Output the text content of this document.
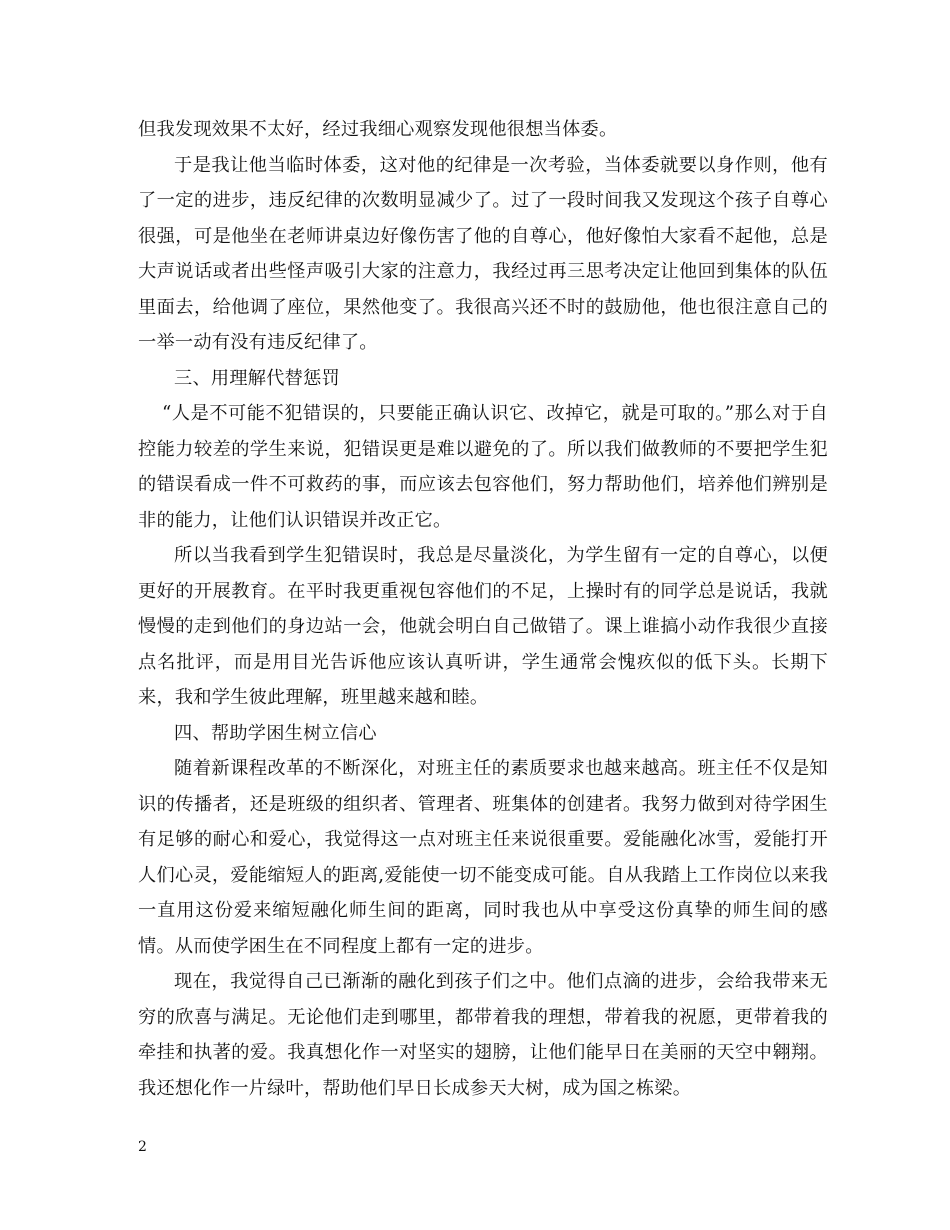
但我发现效果不太好，经过我细心观察发现他很想当体委。

于是我让他当临时体委，这对他的纪律是一次考验，当体委就要以身作则，他有了一定的进步，违反纪律的次数明显减少了。过了一段时间我又发现这个孩子自尊心很强，可是他坐在老师讲桌边好像伤害了他的自尊心，他好像怕大家看不起他，总是大声说话或者出些怪声吸引大家的注意力，我经过再三思考决定让他回到集体的队伍里面去，给他调了座位，果然他变了。我很高兴还不时的鼓励他，他也很注意自己的一举一动有没有违反纪律了。

三、用理解代替惩罚

“人是不可能不犯错误的，只要能正确认识它、改掉它，就是可取的。”那么对于自控能力较差的学生来说，犯错误更是难以避免的了。所以我们做教师的不要把学生犯的错误看成一件不可救药的事，而应该去包容他们，努力帮助他们，培养他们辨别是非的能力，让他们认识错误并改正它。

所以当我看到学生犯错误时，我总是尽量淡化，为学生留有一定的自尊心，以便更好的开展教育。在平时我更重视包容他们的不足，上操时有的同学总是说话，我就慢慢的走到他们的身边站一会，他就会明白自己做错了。课上谁搞小动作我很少直接点名批评，而是用目光告诉他应该认真听讲，学生通常会愧疚似的低下头。长期下来，我和学生彼此理解，班里越来越和睦。

四、帮助学困生树立信心

随着新课程改革的不断深化，对班主任的素质要求也越来越高。班主任不仅是知识的传播者，还是班级的组织者、管理者、班集体的创建者。我努力做到对待学困生有足够的耐心和爱心，我觉得这一点对班主任来说很重要。爱能融化冰雪，爱能打开人们心灵，爱能缩短人的距离,爱能使一切不能变成可能。自从我踏上工作岗位以来我一直用这份爱来缩短融化师生间的距离，同时我也从中享受这份真挚的师生间的感情。从而使学困生在不同程度上都有一定的进步。

现在，我觉得自己已渐渐的融化到孩子们之中。他们点滴的进步，会给我带来无穷的欣喜与满足。无论他们走到哪里，都带着我的理想，带着我的祝愿，更带着我的牵挂和执著的爱。我真想化作一对坚实的翅膀，让他们能早日在美丽的天空中翱翔。我还想化作一片绿叶，帮助他们早日长成参天大树，成为国之栋梁。

2
